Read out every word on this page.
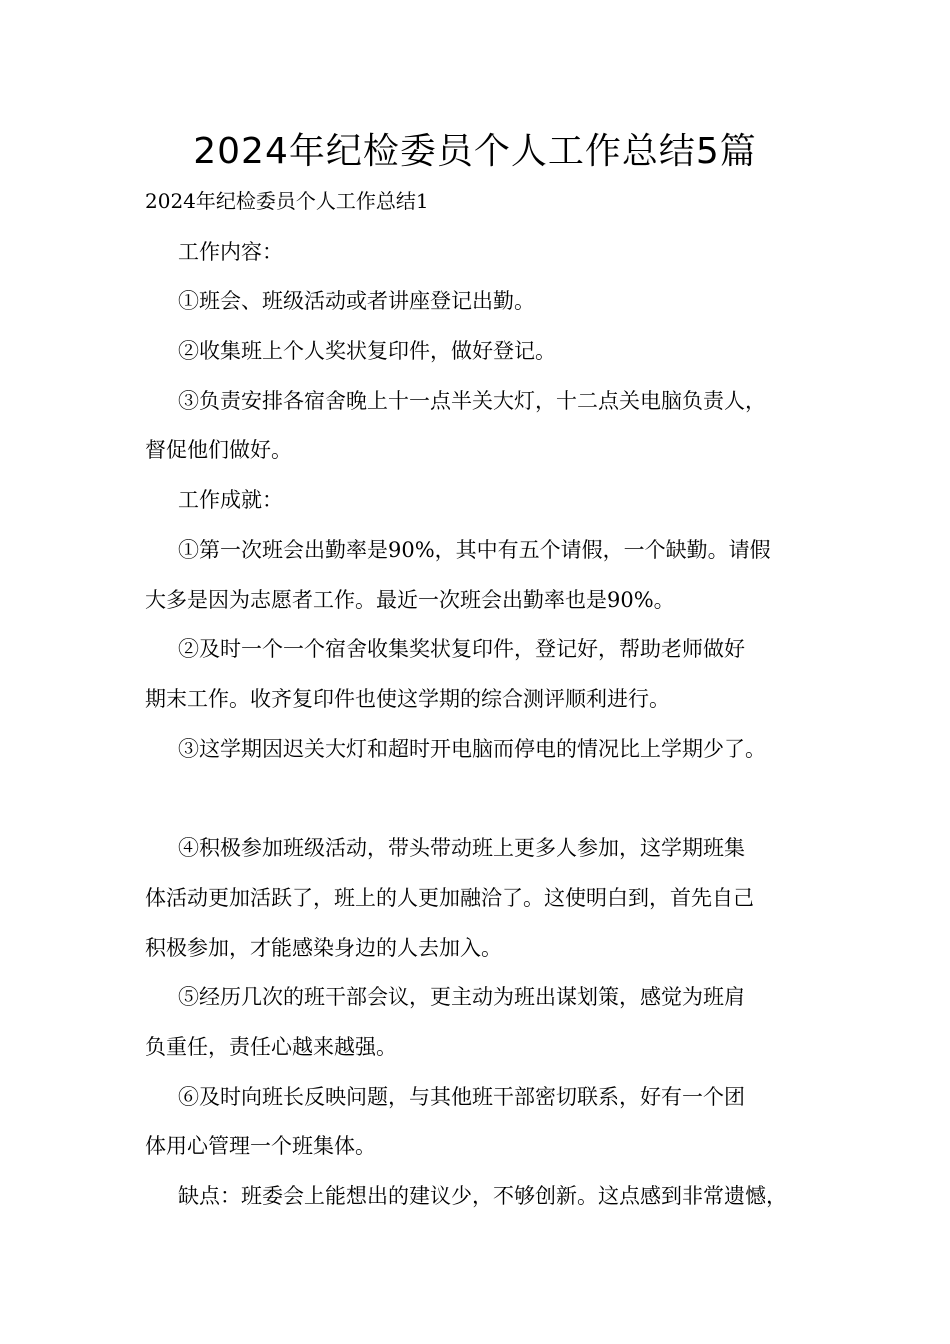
2024年纪检委员个人工作总结5篇
2024年纪检委员个人工作总结1
工作内容：
①班会、班级活动或者讲座登记出勤。
②收集班上个人奖状复印件，做好登记。
③负责安排各宿舍晚上十一点半关大灯，十二点关电脑负责人，
督促他们做好。
工作成就：
①第一次班会出勤率是90%，其中有五个请假，一个缺勤。请假
大多是因为志愿者工作。最近一次班会出勤率也是90%。
②及时一个一个宿舍收集奖状复印件，登记好，帮助老师做好
期末工作。收齐复印件也使这学期的综合测评顺利进行。
③这学期因迟关大灯和超时开电脑而停电的情况比上学期少了。
④积极参加班级活动，带头带动班上更多人参加，这学期班集
体活动更加活跃了，班上的人更加融洽了。这使明白到，首先自己
积极参加，才能感染身边的人去加入。
⑤经历几次的班干部会议，更主动为班出谋划策，感觉为班肩
负重任，责任心越来越强。
⑥及时向班长反映问题，与其他班干部密切联系，好有一个团
体用心管理一个班集体。
缺点：班委会上能想出的建议少，不够创新。这点感到非常遗憾，
